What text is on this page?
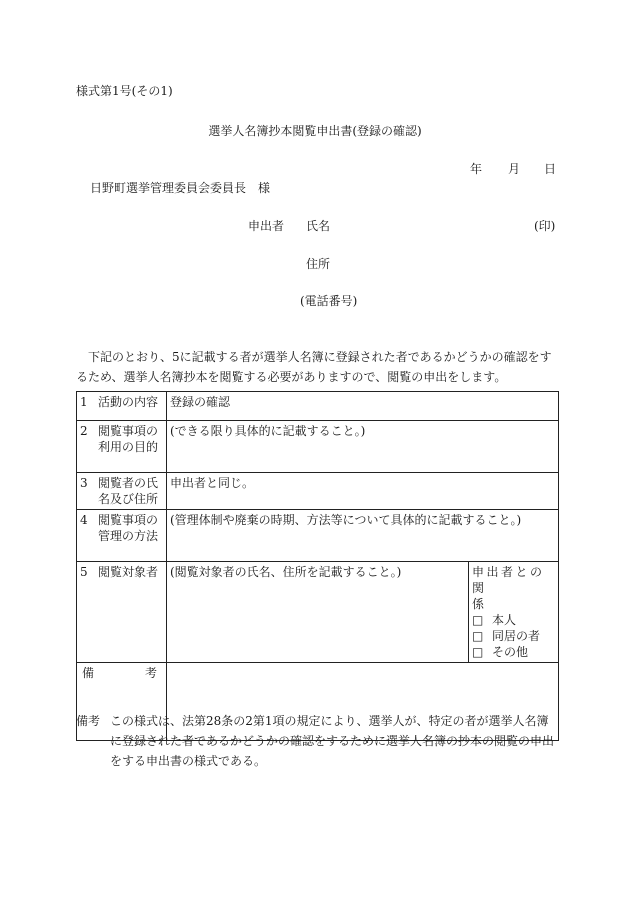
様式第1号(その1)
選挙人名簿抄本閲覧申出書(登録の確認)
年 月 日
日野町選挙管理委員会委員長　様
申出者 氏名	(印)
住所
(電話番号)
下記のとおり、5に記載する者が選挙人名簿に登録された者であるかどうかの確認をするため、選挙人名簿抄本を閲覧する必要がありますので、閲覧の申出をします。
1 活動の内容	登録の確認	
2 閲覧事項の
利用の目的	(できる限り具体的に記載すること。)	
3 閲覧者の氏
名及び住所	申出者と同じ。	
4 閲覧事項の
管理の方法	(管理体制や廃棄の時期、方法等について具体的に記載すること。)	
5 閲覧対象者	(閲覧対象者の氏名、住所を記載すること。)	申出者との関
係
□ 本人
□ 同居の者
□ その他

備 考		

備考 この様式は、法第28条の2第1項の規定により、選挙人が、特定の者が選挙人名簿に登録された者であるかどうかの確認をするために選挙人名簿の抄本の閲覧の申出をする申出書の様式である。
